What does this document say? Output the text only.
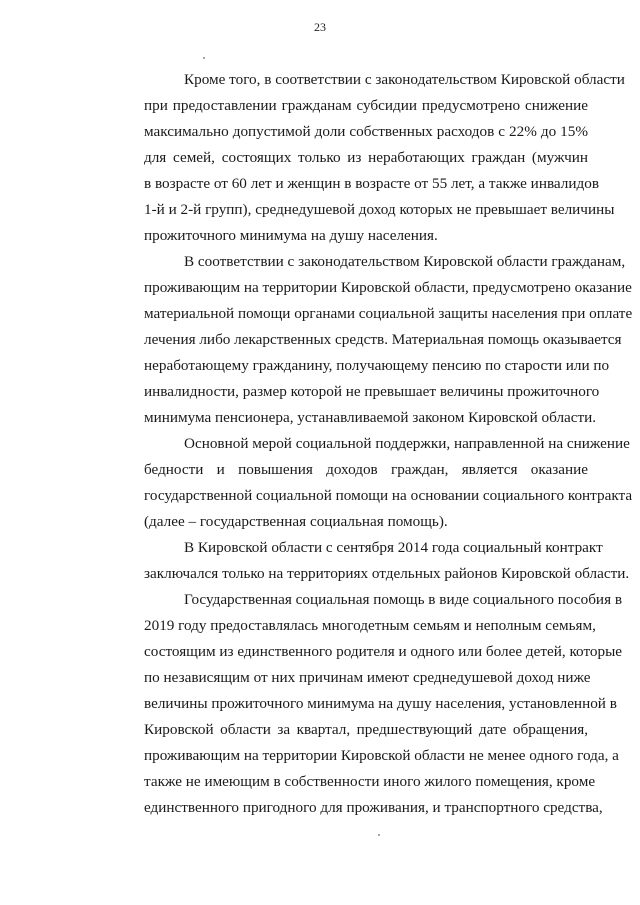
23
Кроме того, в соответствии с законодательством Кировской области
при предоставлении гражданам субсидии предусмотрено снижение
максимально допустимой доли собственных расходов с 22% до 15%
для семей, состоящих только из неработающих граждан (мужчин
в возрасте от 60 лет и женщин в возрасте от 55 лет, а также инвалидов
1-й и 2-й групп), среднедушевой доход которых не превышает величины
прожиточного минимума на душу населения.
В соответствии с законодательством Кировской области гражданам,
проживающим на территории Кировской области, предусмотрено оказание
материальной помощи органами социальной защиты населения при оплате
лечения либо лекарственных средств. Материальная помощь оказывается
неработающему гражданину, получающему пенсию по старости или по
инвалидности, размер которой не превышает величины прожиточного
минимума пенсионера, устанавливаемой законом Кировской области.
Основной мерой социальной поддержки, направленной на снижение
бедности и повышения доходов граждан, является оказание
государственной социальной помощи на основании социального контракта
(далее – государственная социальная помощь).
В Кировской области с сентября 2014 года социальный контракт
заключался только на территориях отдельных районов Кировской области.
Государственная социальная помощь в виде социального пособия в
2019 году предоставлялась многодетным семьям и неполным семьям,
состоящим из единственного родителя и одного или более детей, которые
по независящим от них причинам имеют среднедушевой доход ниже
величины прожиточного минимума на душу населения, установленной в
Кировской области за квартал, предшествующий дате обращения,
проживающим на территории Кировской области не менее одного года, а
также не имеющим в собственности иного жилого помещения, кроме
единственного пригодного для проживания, и транспортного средства,
